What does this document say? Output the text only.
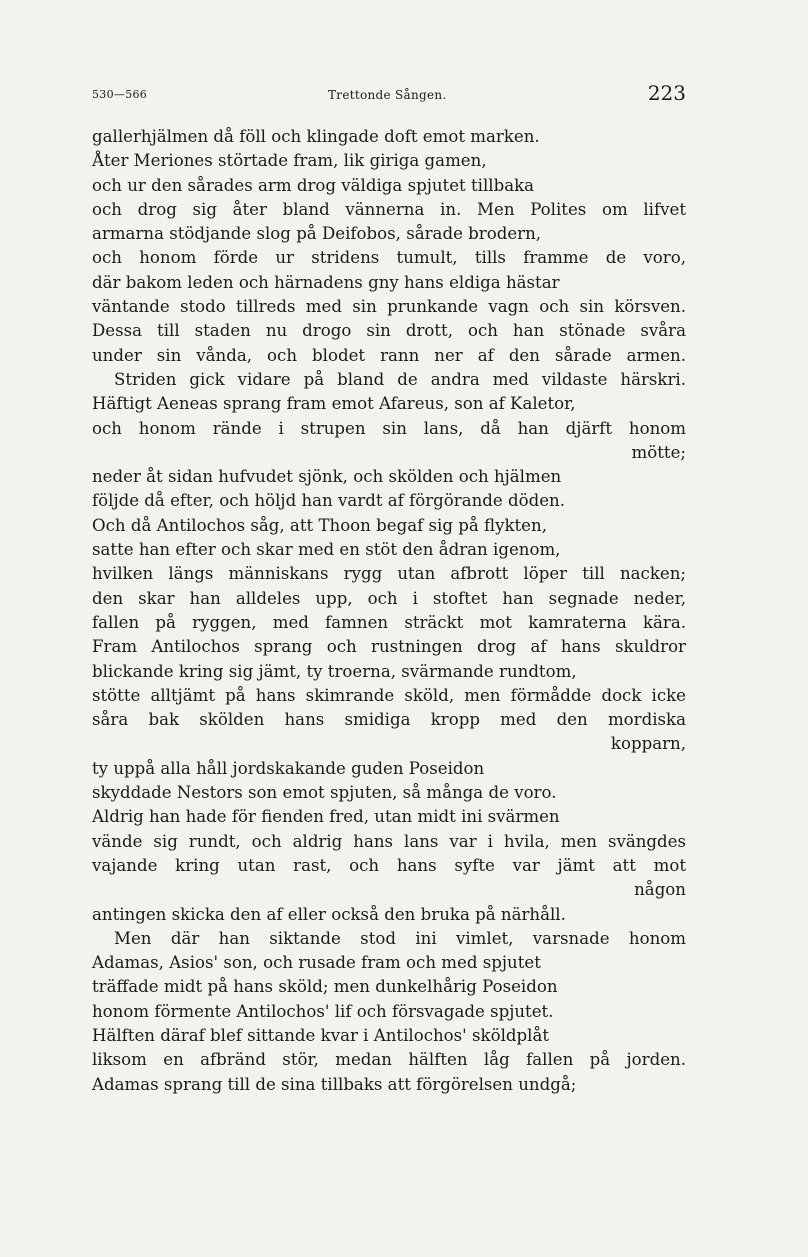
530—566	Trettonde Sången.	223
gallerhjälmen då föll och klingade doft emot marken.
Åter Meriones störtade fram, lik giriga gamen,
och ur den sårades arm drog väldiga spjutet tillbaka
och drog sig åter bland vännerna in. Men Polites om lifvet
armarna stödjande slog på Deifobos, sårade brodern,
och honom förde ur stridens tumult, tills framme de voro,
där bakom leden och härnadens gny hans eldiga hästar
väntande stodo tillreds med sin prunkande vagn och sin körsven.
Dessa till staden nu drogo sin drott, och han stönade svåra
under sin vånda, och blodet rann ner af den sårade armen.
Striden gick vidare på bland de andra med vildaste härskri.
Häftigt Aeneas sprang fram emot Afareus, son af Kaletor,
och honom rände i strupen sin lans, då han djärft honom
mötte;
neder åt sidan hufvudet sjönk, och skölden och hjälmen
följde då efter, och höljd han vardt af förgörande döden.
Och då Antilochos såg, att Thoon begaf sig på flykten,
satte han efter och skar med en stöt den ådran igenom,
hvilken längs människans rygg utan afbrott löper till nacken;
den skar han alldeles upp, och i stoftet han segnade neder,
fallen på ryggen, med famnen sträckt mot kamraterna kära.
Fram Antilochos sprang och rustningen drog af hans skuldror
blickande kring sig jämt, ty troerna, svärmande rundtom,
stötte alltjämt på hans skimrande sköld, men förmådde dock icke
såra bak skölden hans smidiga kropp med den mordiska
kopparn,
ty uppå alla håll jordskakande guden Poseidon
skyddade Nestors son emot spjuten, så många de voro.
Aldrig han hade för fienden fred, utan midt ini svärmen
vände sig rundt, och aldrig hans lans var i hvila, men svängdes
vajande kring utan rast, och hans syfte var jämt att mot
någon
antingen skicka den af eller också den bruka på närhåll.
Men där han siktande stod ini vimlet, varsnade honom
Adamas, Asios' son, och rusade fram och med spjutet
träffade midt på hans sköld; men dunkelhårig Poseidon
honom förmente Antilochos' lif och försvagade spjutet.
Hälften däraf blef sittande kvar i Antilochos' sköldplåt
liksom en afbränd stör, medan hälften låg fallen på jorden.
Adamas sprang till de sina tillbaks att förgörelsen undgå;
